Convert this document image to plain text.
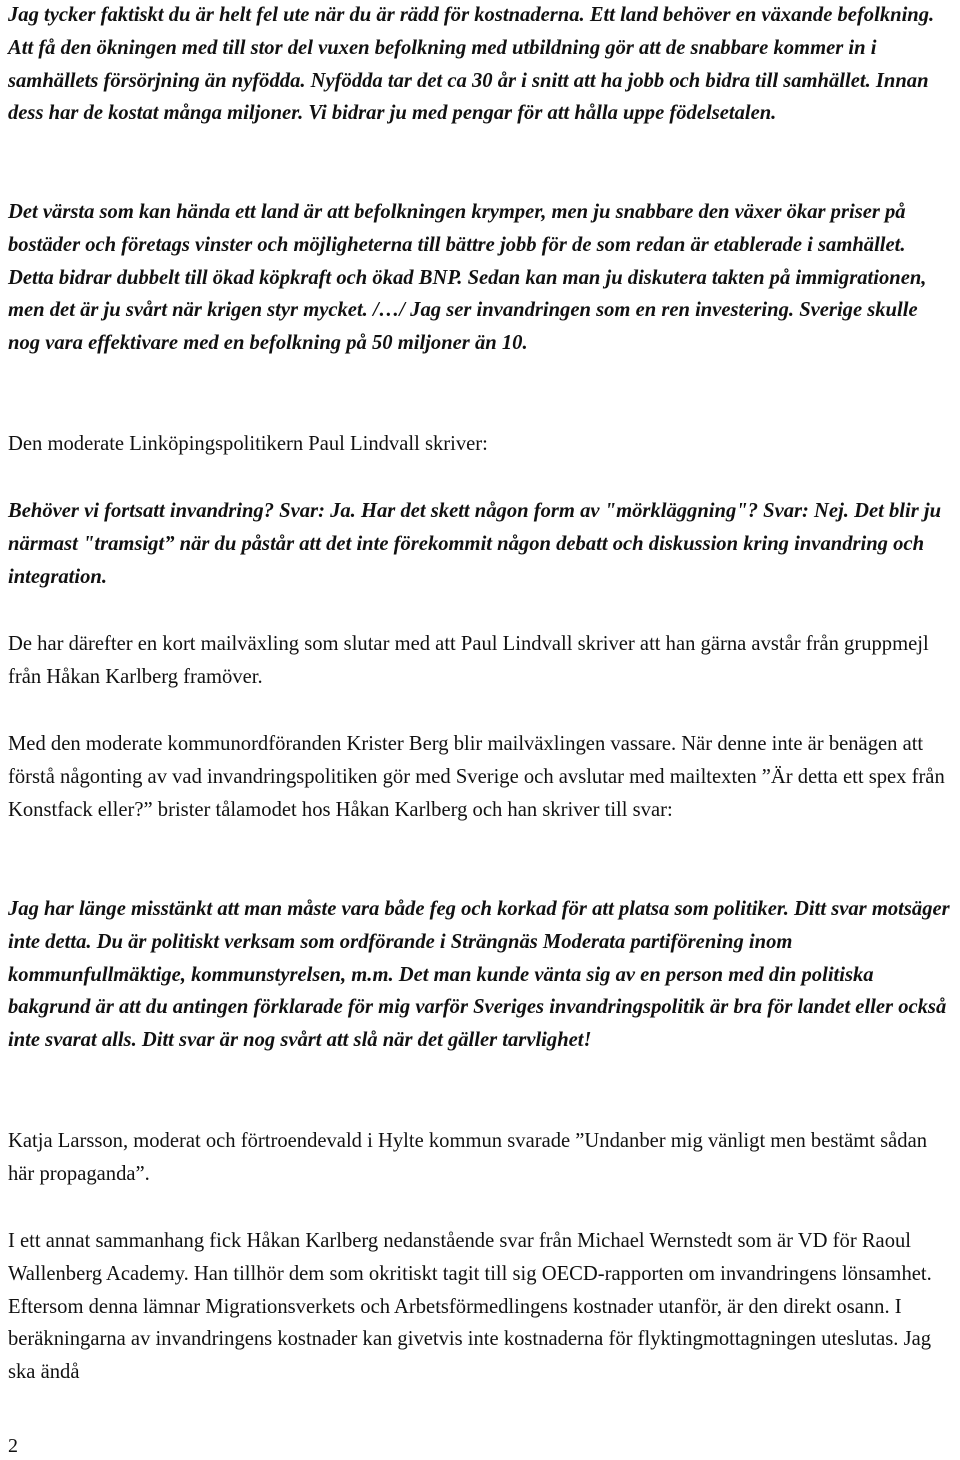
Jag tycker faktiskt du är helt fel ute när du är rädd för kostnaderna. Ett land behöver en växande befolkning. Att få den ökningen med till stor del vuxen befolkning med utbildning gör att de snabbare kommer in i samhällets försörjning än nyfödda. Nyfödda tar det ca 30 år i snitt att ha jobb och bidra till samhället. Innan dess har de kostat många miljoner. Vi bidrar ju med pengar för att hålla uppe födelsetalen.

Det värsta som kan hända ett land är att befolkningen krymper, men ju snabbare den växer ökar priser på bostäder och företags vinster och möjligheterna till bättre jobb för de som redan är etablerade i samhället. Detta bidrar dubbelt till ökad köpkraft och ökad BNP. Sedan kan man ju diskutera takten på immigrationen, men det är ju svårt när krigen styr mycket. /…/ Jag ser invandringen som en ren investering. Sverige skulle nog vara effektivare med en befolkning på 50 miljoner än 10.

Den moderate Linköpingspolitikern Paul Lindvall skriver:

Behöver vi fortsatt invandring? Svar: Ja. Har det skett någon form av "mörkläggning"? Svar: Nej. Det blir ju närmast "tramsigt” när du påstår att det inte förekommit någon debatt och diskussion kring invandring och integration.

De har därefter en kort mailväxling som slutar med att Paul Lindvall skriver att han gärna avstår från gruppmejl från Håkan Karlberg framöver.

Med den moderate kommunordföranden Krister Berg blir mailväxlingen vassare. När denne inte är benägen att förstå någonting av vad invandringspolitiken gör med Sverige och avslutar med mailtexten ”Är detta ett spex från Konstfack eller?” brister tålamodet hos Håkan Karlberg och han skriver till svar:

Jag har länge misstänkt att man måste vara både feg och korkad för att platsa som politiker. Ditt svar motsäger inte detta. Du är politiskt verksam som ordförande i Strängnäs Moderata partiförening inom kommunfullmäktige, kommunstyrelsen, m.m. Det man kunde vänta sig av en person med din politiska bakgrund är att du antingen förklarade för mig varför Sveriges invandringspolitik är bra för landet eller också inte svarat alls. Ditt svar är nog svårt att slå när det gäller tarvlighet!

Katja Larsson, moderat och förtroendevald i Hylte kommun svarade ”Undanber mig vänligt men bestämt sådan här propaganda”.

I ett annat sammanhang fick Håkan Karlberg nedanstående svar från Michael Wernstedt som är VD för Raoul Wallenberg Academy. Han tillhör dem som okritiskt tagit till sig OECD-rapporten om invandringens lönsamhet. Eftersom denna lämnar Migrationsverkets och Arbetsförmedlingens kostnader utanför, är den direkt osann. I beräkningarna av invandringens kostnader kan givetvis inte kostnaderna för flyktingmottagningen uteslutas. Jag ska ändå

2
